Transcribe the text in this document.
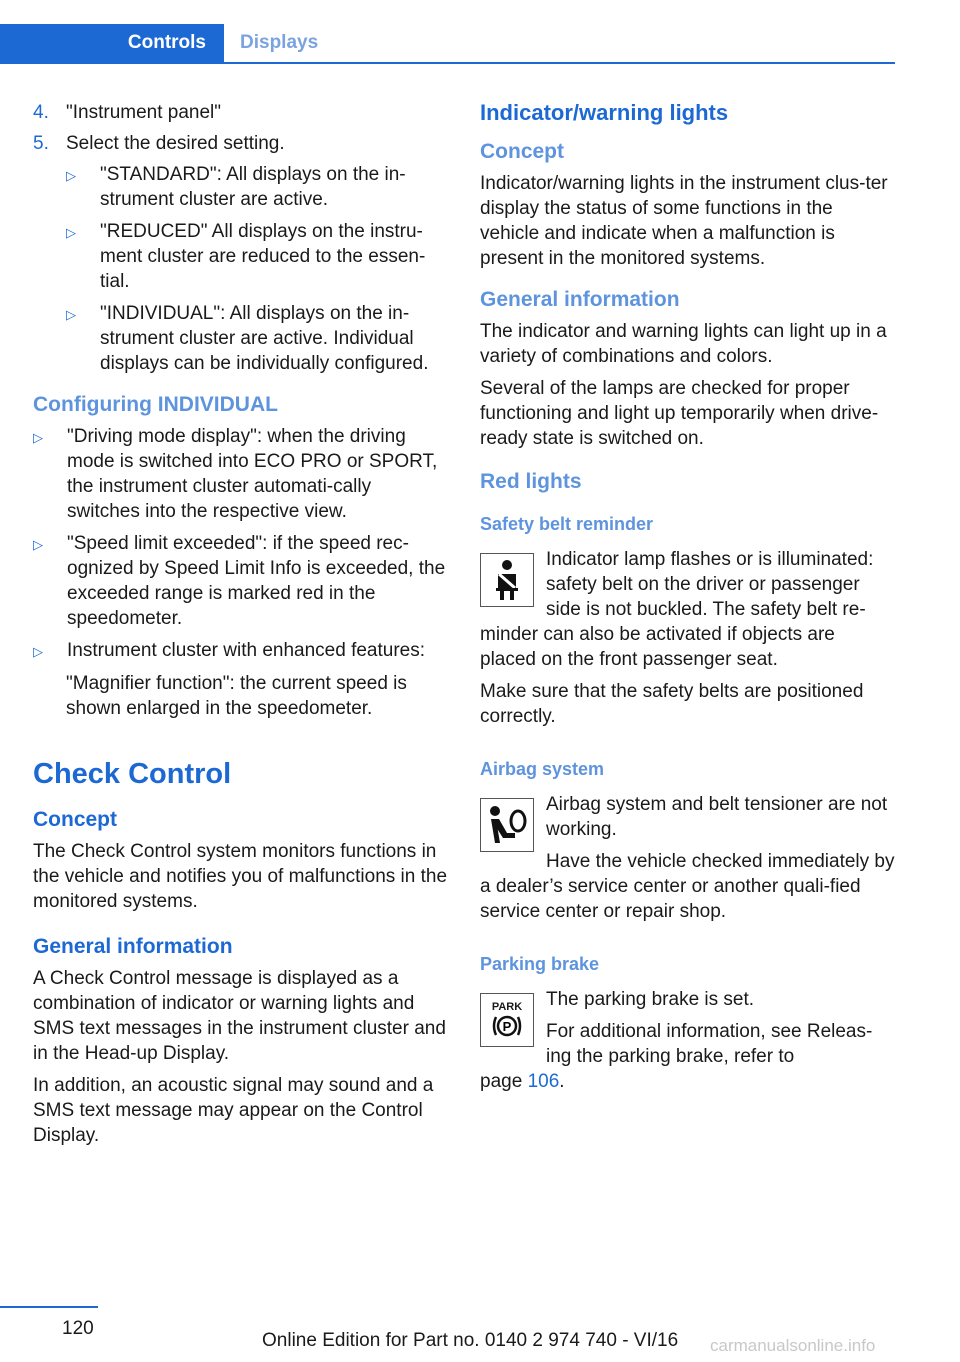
Controls	Displays
4. "Instrument panel"
5. Select the desired setting.
▷	"STANDARD": All displays on the in-strument cluster are active.
▷	"REDUCED" All displays on the instru-ment cluster are reduced to the essen-tial.
▷	"INDIVIDUAL": All displays on the in-strument cluster are active. Individual displays can be individually configured.
Configuring INDIVIDUAL
▷	"Driving mode display": when the driving mode is switched into ECO PRO or SPORT, the instrument cluster automati-cally switches into the respective view.
▷	"Speed limit exceeded": if the speed rec-ognized by Speed Limit Info is exceeded, the exceeded range is marked red in the speedometer.
▷	Instrument cluster with enhanced features:

"Magnifier function": the current speed is shown enlarged in the speedometer.

Check Control
Concept

The Check Control system monitors functions in the vehicle and notifies you of malfunctions in the monitored systems.

General information

A Check Control message is displayed as a combination of indicator or warning lights and SMS text messages in the instrument cluster and in the Head-up Display.

In addition, an acoustic signal may sound and a SMS text message may appear on the Control Display.

Indicator/warning lights
Concept

Indicator/warning lights in the instrument clus-ter display the status of some functions in the vehicle and indicate when a malfunction is present in the monitored systems.

General information

The indicator and warning lights can light up in a variety of combinations and colors.

Several of the lamps are checked for proper functioning and light up temporarily when drive-ready state is switched on.

Red lights
Safety belt reminder

Indicator lamp flashes or is illuminated: safety belt on the driver or passenger side is not buckled. The safety belt re-minder can also be activated if objects are placed on the front passenger seat.

Make sure that the safety belts are positioned correctly.

Airbag system

Airbag system and belt tensioner are not working.

Have the vehicle checked immediately by a dealer’s service center or another quali-fied service center or repair shop.

Parking brake
PARK
P

The parking brake is set.

For additional information, see Releas-ing the parking brake, refer to

page 106.

120
Online Edition for Part no. 0140 2 974 740 - VI/16 carmanualsonline.info
